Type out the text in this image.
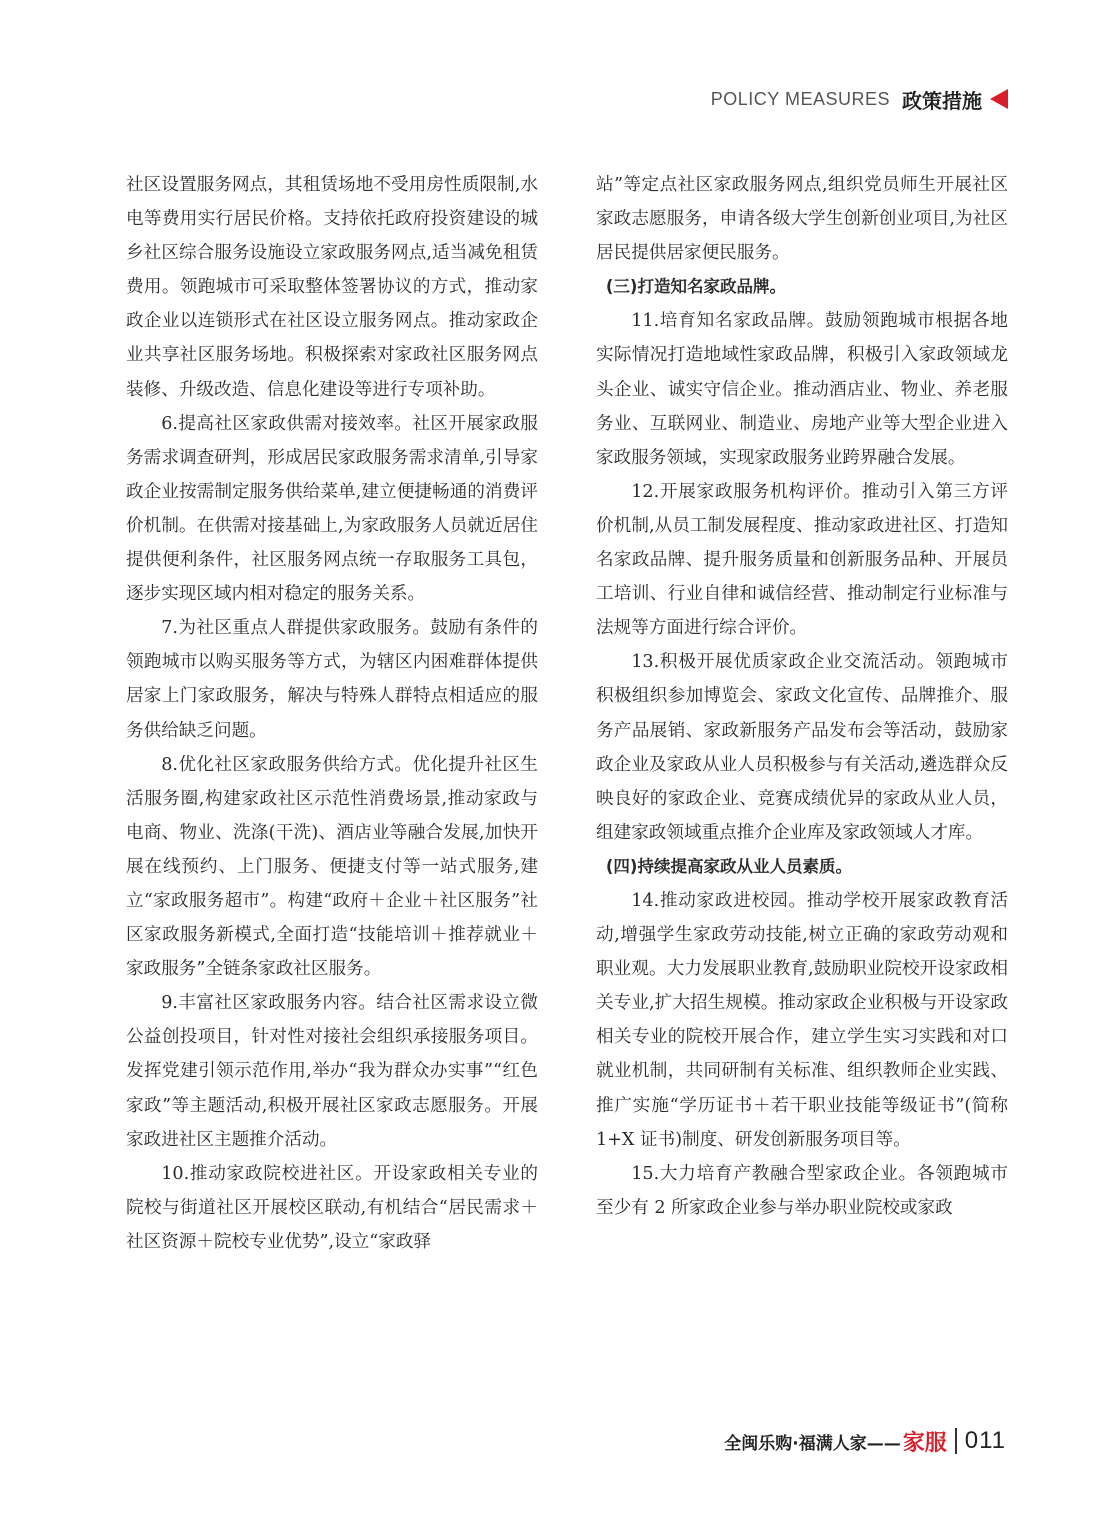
POLICY MEASURES 政策措施

社区设置服务网点，其租赁场地不受用房性质限制,水电等费用实行居民价格。支持依托政府投资建设的城乡社区综合服务设施设立家政服务网点,适当减免租赁费用。领跑城市可采取整体签署协议的方式，推动家政企业以连锁形式在社区设立服务网点。推动家政企业共享社区服务场地。积极探索对家政社区服务网点装修、升级改造、信息化建设等进行专项补助。

6.提高社区家政供需对接效率。社区开展家政服务需求调查研判，形成居民家政服务需求清单,引导家政企业按需制定服务供给菜单,建立便捷畅通的消费评价机制。在供需对接基础上,为家政服务人员就近居住提供便利条件，社区服务网点统一存取服务工具包，逐步实现区域内相对稳定的服务关系。

7.为社区重点人群提供家政服务。鼓励有条件的领跑城市以购买服务等方式，为辖区内困难群体提供居家上门家政服务，解决与特殊人群特点相适应的服务供给缺乏问题。

8.优化社区家政服务供给方式。优化提升社区生活服务圈,构建家政社区示范性消费场景,推动家政与电商、物业、洗涤(干洗)、酒店业等融合发展,加快开展在线预约、上门服务、便捷支付等一站式服务,建立“家政服务超市”。构建“政府＋企业＋社区服务”社区家政服务新模式,全面打造“技能培训＋推荐就业＋家政服务”全链条家政社区服务。

9.丰富社区家政服务内容。结合社区需求设立微公益创投项目，针对性对接社会组织承接服务项目。发挥党建引领示范作用,举办“我为群众办实事”“红色家政”等主题活动,积极开展社区家政志愿服务。开展家政进社区主题推介活动。

10.推动家政院校进社区。开设家政相关专业的院校与街道社区开展校区联动,有机结合“居民需求＋社区资源＋院校专业优势”,设立“家政驿

站”等定点社区家政服务网点,组织党员师生开展社区家政志愿服务，申请各级大学生创新创业项目,为社区居民提供居家便民服务。

(三)打造知名家政品牌。

11.培育知名家政品牌。鼓励领跑城市根据各地实际情况打造地域性家政品牌，积极引入家政领域龙头企业、诚实守信企业。推动酒店业、物业、养老服务业、互联网业、制造业、房地产业等大型企业进入家政服务领域，实现家政服务业跨界融合发展。

12.开展家政服务机构评价。推动引入第三方评价机制,从员工制发展程度、推动家政进社区、打造知名家政品牌、提升服务质量和创新服务品种、开展员工培训、行业自律和诚信经营、推动制定行业标准与法规等方面进行综合评价。

13.积极开展优质家政企业交流活动。领跑城市积极组织参加博览会、家政文化宣传、品牌推介、服务产品展销、家政新服务产品发布会等活动，鼓励家政企业及家政从业人员积极参与有关活动,遴选群众反映良好的家政企业、竞赛成绩优异的家政从业人员，组建家政领域重点推介企业库及家政领域人才库。

(四)持续提高家政从业人员素质。

14.推动家政进校园。推动学校开展家政教育活动,增强学生家政劳动技能,树立正确的家政劳动观和职业观。大力发展职业教育,鼓励职业院校开设家政相关专业,扩大招生规模。推动家政企业积极与开设家政相关专业的院校开展合作，建立学生实习实践和对口就业机制，共同研制有关标准、组织教师企业实践、推广实施“学历证书＋若干职业技能等级证书”(简称 1+X 证书)制度、研发创新服务项目等。

15.大力培育产教融合型家政企业。各领跑城市至少有 2 所家政企业参与举办职业院校或家政

全闽乐购·福满人家—— 家服 011
